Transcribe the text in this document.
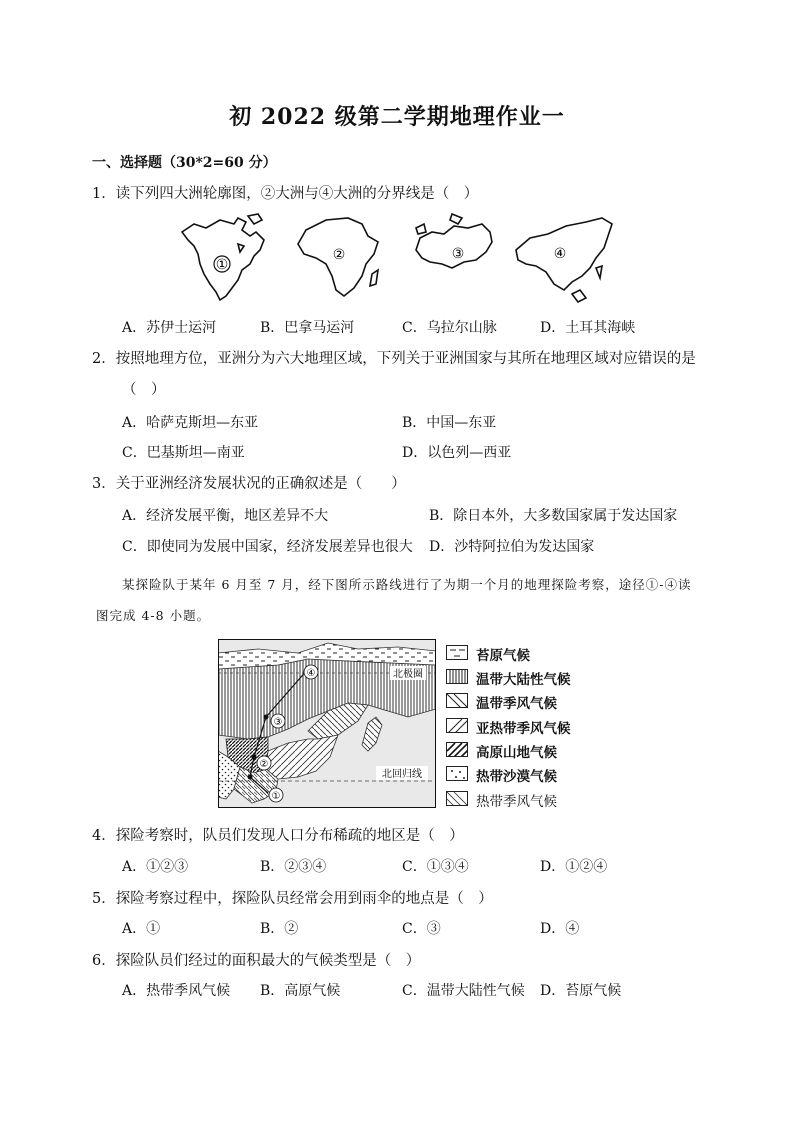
初 2022 级第二学期地理作业一
一、选择题（30*2=60 分）
1．读下列四大洲轮廓图，②大洲与④大洲的分界线是（　）
①
②	③	④
A．苏伊士运河	B．巴拿马运河	C．乌拉尔山脉	D．土耳其海峡
2．按照地理方位，亚洲分为六大地理区域，下列关于亚洲国家与其所在地理区域对应错误的是
（　）
A．哈萨克斯坦—东亚	B．中国—东亚
C．巴基斯坦—南亚	D．以色列—西亚
3．关于亚洲经济发展状况的正确叙述是（　　）
A．经济发展平衡，地区差异不大	B．除日本外，大多数国家属于发达国家
C．即使同为发展中国家，经济发展差异也很大 D．沙特阿拉伯为发达国家
某探险队于某年 6 月至 7 月，经下图所示路线进行了为期一个月的地理探险考察，途径①-④读
图完成 4-8 小题。
北极圈
北回归线
④
③
②
①
苔原气候
温带大陆性气候
温带季风气候
亚热带季风气候
高原山地气候
热带沙漠气候
热带季风气候
4．探险考察时，队员们发现人口分布稀疏的地区是（　）
A．①②③	B．②③④	C．①③④	D．①②④
5．探险考察过程中，探险队员经常会用到雨伞的地点是（　）
A．①	B．②	C．③	D．④
6．探险队员们经过的面积最大的气候类型是（　）
A．热带季风气候 B．高原气候	C．温带大陆性气候 D．苔原气候
